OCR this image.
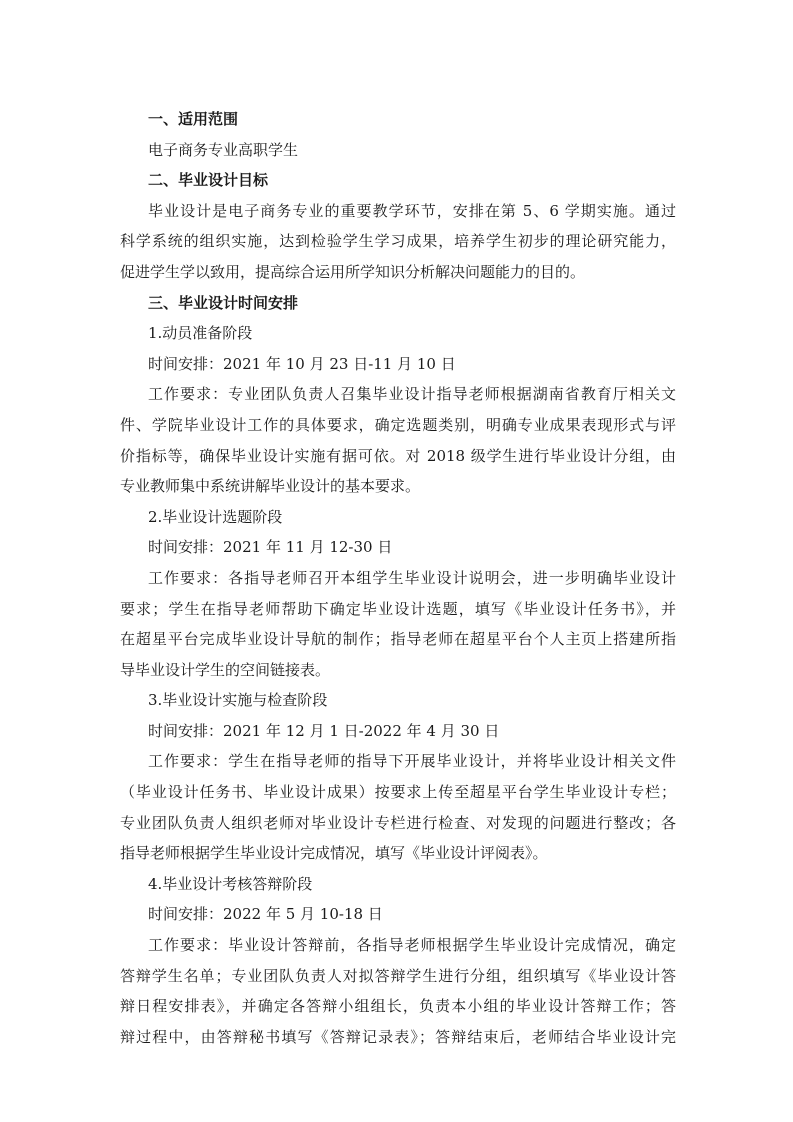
一、适用范围
电子商务专业高职学生
二、毕业设计目标
毕业设计是电子商务专业的重要教学环节，安排在第 5、6 学期实施。通过
科学系统的组织实施，达到检验学生学习成果，培养学生初步的理论研究能力，
促进学生学以致用，提高综合运用所学知识分析解决问题能力的目的。
三、毕业设计时间安排
1.动员准备阶段
时间安排：2021 年 10 月 23 日-11 月 10 日
工作要求：专业团队负责人召集毕业设计指导老师根据湖南省教育厅相关文
件、学院毕业设计工作的具体要求，确定选题类别，明确专业成果表现形式与评
价指标等，确保毕业设计实施有据可依。对 2018 级学生进行毕业设计分组，由
专业教师集中系统讲解毕业设计的基本要求。
2.毕业设计选题阶段
时间安排：2021 年 11 月 12-30 日
工作要求：各指导老师召开本组学生毕业设计说明会，进一步明确毕业设计
要求；学生在指导老师帮助下确定毕业设计选题，填写《毕业设计任务书》，并
在超星平台完成毕业设计导航的制作；指导老师在超星平台个人主页上搭建所指
导毕业设计学生的空间链接表。
3.毕业设计实施与检查阶段
时间安排：2021 年 12 月 1 日-2022 年 4 月 30 日
工作要求：学生在指导老师的指导下开展毕业设计，并将毕业设计相关文件
（毕业设计任务书、毕业设计成果）按要求上传至超星平台学生毕业设计专栏；
专业团队负责人组织老师对毕业设计专栏进行检查、对发现的问题进行整改；各
指导老师根据学生毕业设计完成情况，填写《毕业设计评阅表》。
4.毕业设计考核答辩阶段
时间安排：2022 年 5 月 10-18 日
工作要求：毕业设计答辩前，各指导老师根据学生毕业设计完成情况，确定
答辩学生名单；专业团队负责人对拟答辩学生进行分组，组织填写《毕业设计答
辩日程安排表》，并确定各答辩小组组长，负责本小组的毕业设计答辩工作；答
辩过程中，由答辩秘书填写《答辩记录表》；答辩结束后，老师结合毕业设计完
